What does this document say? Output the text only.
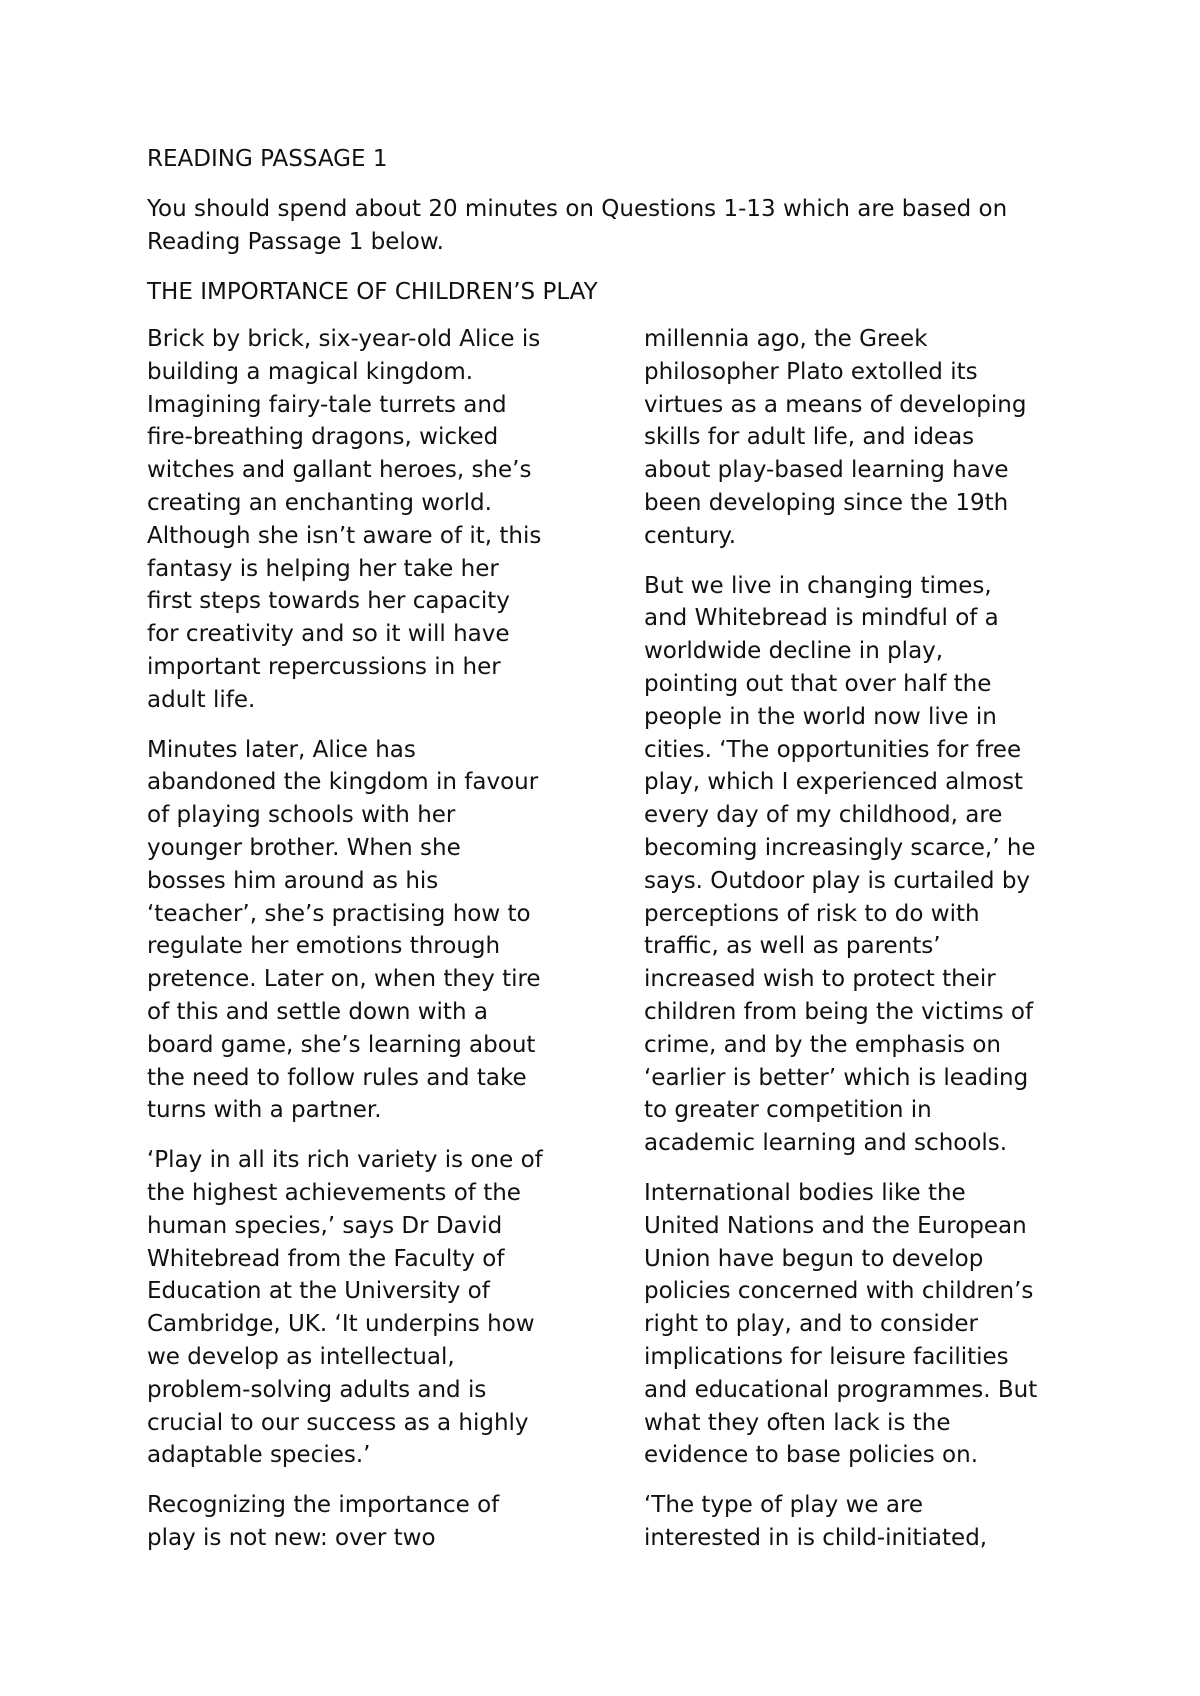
READING PASSAGE 1

You should spend about 20 minutes on Questions 1-13 which are based on

Reading Passage 1 below.

THE IMPORTANCE OF CHILDREN’S PLAY

Brick by brick, six-year-old Alice is
building a magical kingdom.
Imagining fairy-tale turrets and
fire-breathing dragons, wicked
witches and gallant heroes, she’s
creating an enchanting world.
Although she isn’t aware of it, this
fantasy is helping her take her
first steps towards her capacity
for creativity and so it will have
important repercussions in her
adult life.

Minutes later, Alice has
abandoned the kingdom in favour
of playing schools with her
younger brother. When she
bosses him around as his
‘teacher’, she’s practising how to
regulate her emotions through
pretence. Later on, when they tire
of this and settle down with a
board game, she’s learning about
the need to follow rules and take
turns with a partner.

‘Play in all its rich variety is one of
the highest achievements of the
human species,’ says Dr David
Whitebread from the Faculty of
Education at the University of
Cambridge, UK. ‘It underpins how
we develop as intellectual,
problem-solving adults and is
crucial to our success as a highly
adaptable species.’

Recognizing the importance of
play is not new: over two

millennia ago, the Greek
philosopher Plato extolled its
virtues as a means of developing
skills for adult life, and ideas
about play-based learning have
been developing since the 19th
century.

But we live in changing times,
and Whitebread is mindful of a
worldwide decline in play,
pointing out that over half the
people in the world now live in
cities. ‘The opportunities for free
play, which I experienced almost
every day of my childhood, are
becoming increasingly scarce,’ he
says. Outdoor play is curtailed by
perceptions of risk to do with
traffic, as well as parents’
increased wish to protect their
children from being the victims of
crime, and by the emphasis on
‘earlier is better’ which is leading
to greater competition in
academic learning and schools.

International bodies like the
United Nations and the European
Union have begun to develop
policies concerned with children’s
right to play, and to consider
implications for leisure facilities
and educational programmes. But
what they often lack is the
evidence to base policies on.

‘The type of play we are
interested in is child-initiated,
